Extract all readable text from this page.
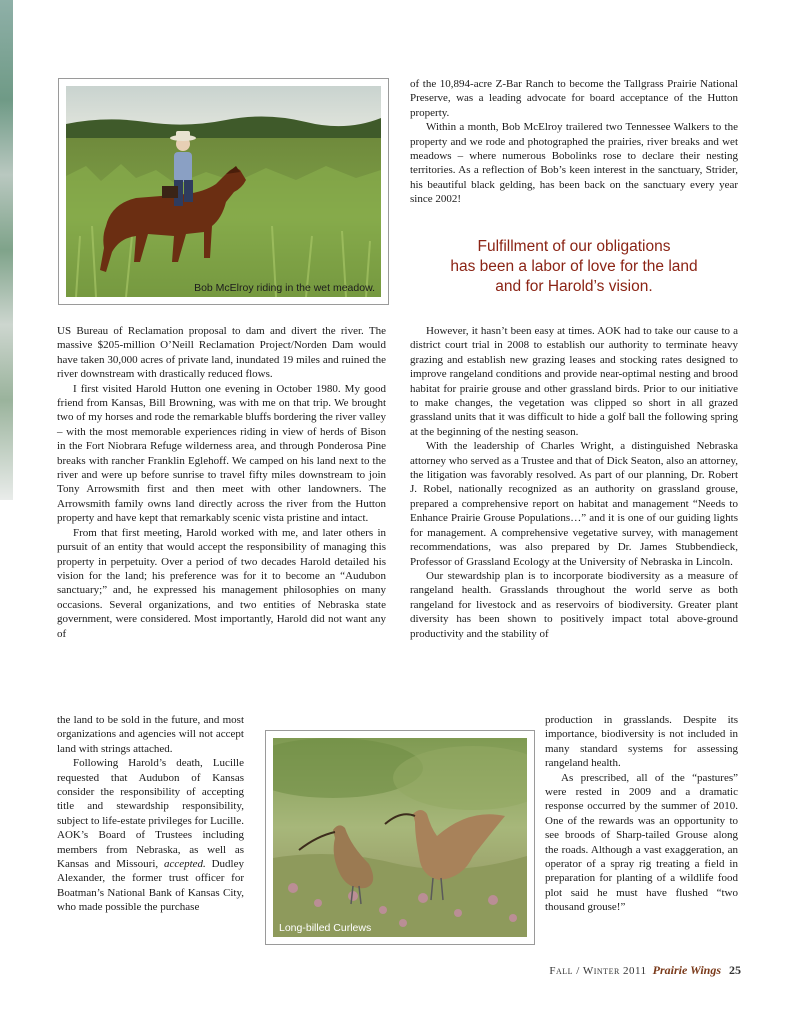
Bob McElroy riding in the wet meadow.

of the 10,894-acre Z-Bar Ranch to become the Tallgrass Prairie National Preserve, was a leading advocate for board acceptance of the Hutton property.

Within a month, Bob McElroy trailered two Tennessee Walkers to the property and we rode and photographed the prairies, river breaks and wet meadows – where numerous Bobolinks rose to declare their nesting territories. As a reflection of Bob’s keen interest in the sanctuary, Strider, his beautiful black gelding, has been back on the sanctuary every year since 2002!

Fulfillment of our obligations
has been a labor of love for the land
and for Harold’s vision.

US Bureau of Reclamation proposal to dam and divert the river. The massive $205-million O’Neill Reclamation Project/Norden Dam would have taken 30,000 acres of private land, inundated 19 miles and ruined the river downstream with drastically reduced flows.

I first visited Harold Hutton one evening in October 1980. My good friend from Kansas, Bill Browning, was with me on that trip. We brought two of my horses and rode the remarkable bluffs bordering the river valley – with the most memorable experiences riding in view of herds of Bison in the Fort Niobrara Refuge wilderness area, and through Ponderosa Pine breaks with rancher Franklin Eglehoff. We camped on his land next to the river and were up before sunrise to travel fifty miles downstream to join Tony Arrowsmith first and then meet with other landowners. The Arrowsmith family owns land directly across the river from the Hutton property and have kept that remarkably scenic vista pristine and intact.

From that first meeting, Harold worked with me, and later others in pursuit of an entity that would accept the responsibility of managing this property in perpetuity. Over a period of two decades Harold detailed his vision for the land; his preference was for it to become an “Audubon sanctuary;” and, he expressed his management philosophies on many occasions. Several organizations, and two entities of Nebraska state government, were considered. Most importantly, Harold did not want any of

the land to be sold in the future, and most organizations and agencies will not accept land with strings attached.

Following Harold’s death, Lucille requested that Audubon of Kansas consider the responsibility of accepting title and stewardship responsibility, subject to life-estate privileges for Lucille. AOK’s Board of Trustees including members from Nebraska, as well as Kansas and Missouri, accepted. Dudley Alexander, the former trust officer for Boatman’s National Bank of Kansas City, who made possible the purchase

However, it hasn’t been easy at times. AOK had to take our cause to a district court trial in 2008 to establish our authority to terminate heavy grazing and establish new grazing leases and stocking rates designed to improve rangeland conditions and provide near-optimal nesting and brood habitat for prairie grouse and other grassland birds. Prior to our initiative to make changes, the vegetation was clipped so short in all grazed grassland units that it was difficult to hide a golf ball the following spring at the beginning of the nesting season.

With the leadership of Charles Wright, a distinguished Nebraska attorney who served as a Trustee and that of Dick Seaton, also an attorney, the litigation was favorably resolved. As part of our planning, Dr. Robert J. Robel, nationally recognized as an authority on grassland grouse, prepared a comprehensive report on habitat and management “Needs to Enhance Prairie Grouse Populations…” and it is one of our guiding lights for management. A comprehensive vegetative survey, with management recommendations, was also prepared by Dr. James Stubbendieck, Professor of Grassland Ecology at the University of Nebraska in Lincoln.

Our stewardship plan is to incorporate biodiversity as a measure of rangeland health. Grasslands throughout the world serve as both rangeland for livestock and as reservoirs of biodiversity. Greater plant diversity has been shown to positively impact total above-ground productivity and the stability of

production in grasslands. Despite its importance, biodiversity is not included in many standard systems for assessing rangeland health.

As prescribed, all of the “pastures” were rested in 2009 and a dramatic response occurred by the summer of 2010. One of the rewards was an opportunity to see broods of Sharp-tailed Grouse along the roads. Although a vast exaggeration, an operator of a spray rig treating a field in preparation for planting of a wildlife food plot said he must have flushed “two thousand grouse!”

Long-billed Curlews
Fall / Winter 2011 Prairie Wings 25
